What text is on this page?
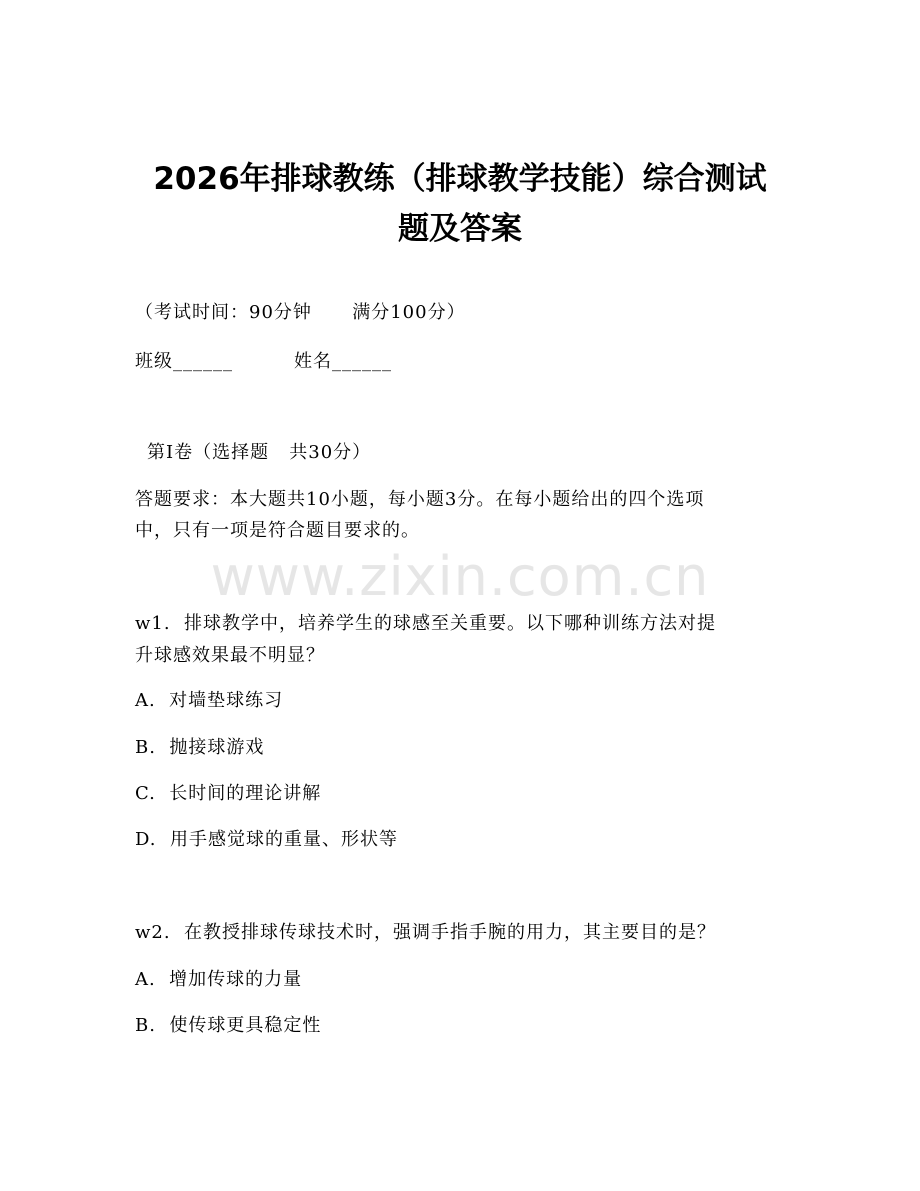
www.zixin.com.cn
2026年排球教练（排球教学技能）综合测试
题及答案
（考试时间：90分钟      满分100分）
班级______	姓名______
第I卷（选择题   共30分）
答题要求：本大题共10小题，每小题3分。在每小题给出的四个选项
中，只有一项是符合题目要求的。
w1.  排球教学中，培养学生的球感至关重要。以下哪种训练方法对提
升球感效果最不明显？
A.  对墙垫球练习
B.  抛接球游戏
C.  长时间的理论讲解
D.  用手感觉球的重量、形状等
w2.  在教授排球传球技术时，强调手指手腕的用力，其主要目的是？
A.  增加传球的力量
B.  使传球更具稳定性
